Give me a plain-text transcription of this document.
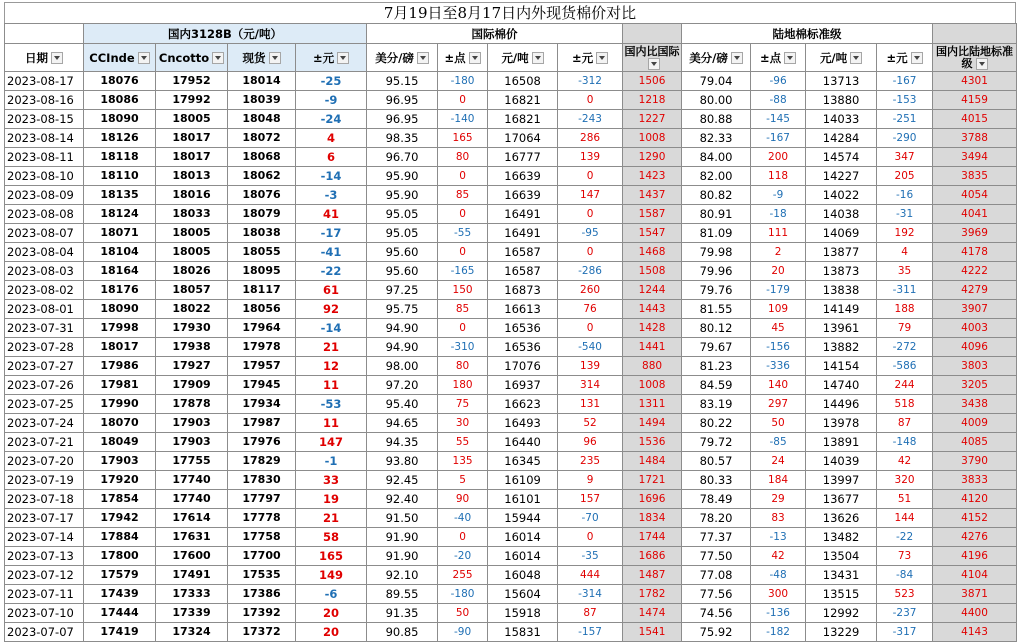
7月19日至8月17日内外现货棉价对比
	国内3128B（元/吨）				国际棉价					陆地棉标准级				
日期	CCInde	Cncotto	现货	±元	美分/磅	±点	元/吨	±元	国内比国际	美分/磅	±点	元/吨	±元	国内比陆地标准级
2023-08-17	18076	17952	18014	-25	95.15	-180	16508	-312	1506	79.04	-96	13713	-167	4301
2023-08-16	18086	17992	18039	-9	96.95	0	16821	0	1218	80.00	-88	13880	-153	4159
2023-08-15	18090	18005	18048	-24	96.95	-140	16821	-243	1227	80.88	-145	14033	-251	4015
2023-08-14	18126	18017	18072	4	98.35	165	17064	286	1008	82.33	-167	14284	-290	3788
2023-08-11	18118	18017	18068	6	96.70	80	16777	139	1290	84.00	200	14574	347	3494
2023-08-10	18110	18013	18062	-14	95.90	0	16639	0	1423	82.00	118	14227	205	3835
2023-08-09	18135	18016	18076	-3	95.90	85	16639	147	1437	80.82	-9	14022	-16	4054
2023-08-08	18124	18033	18079	41	95.05	0	16491	0	1587	80.91	-18	14038	-31	4041
2023-08-07	18071	18005	18038	-17	95.05	-55	16491	-95	1547	81.09	111	14069	192	3969
2023-08-04	18104	18005	18055	-41	95.60	0	16587	0	1468	79.98	2	13877	4	4178
2023-08-03	18164	18026	18095	-22	95.60	-165	16587	-286	1508	79.96	20	13873	35	4222
2023-08-02	18176	18057	18117	61	97.25	150	16873	260	1244	79.76	-179	13838	-311	4279
2023-08-01	18090	18022	18056	92	95.75	85	16613	76	1443	81.55	109	14149	188	3907
2023-07-31	17998	17930	17964	-14	94.90	0	16536	0	1428	80.12	45	13961	79	4003
2023-07-28	18017	17938	17978	21	94.90	-310	16536	-540	1441	79.67	-156	13882	-272	4096
2023-07-27	17986	17927	17957	12	98.00	80	17076	139	880	81.23	-336	14154	-586	3803
2023-07-26	17981	17909	17945	11	97.20	180	16937	314	1008	84.59	140	14740	244	3205
2023-07-25	17990	17878	17934	-53	95.40	75	16623	131	1311	83.19	297	14496	518	3438
2023-07-24	18070	17903	17987	11	94.65	30	16493	52	1494	80.22	50	13978	87	4009
2023-07-21	18049	17903	17976	147	94.35	55	16440	96	1536	79.72	-85	13891	-148	4085
2023-07-20	17903	17755	17829	-1	93.80	135	16345	235	1484	80.57	24	14039	42	3790
2023-07-19	17920	17740	17830	33	92.45	5	16109	9	1721	80.33	184	13997	320	3833
2023-07-18	17854	17740	17797	19	92.40	90	16101	157	1696	78.49	29	13677	51	4120
2023-07-17	17942	17614	17778	21	91.50	-40	15944	-70	1834	78.20	83	13626	144	4152
2023-07-14	17884	17631	17758	58	91.90	0	16014	0	1744	77.37	-13	13482	-22	4276
2023-07-13	17800	17600	17700	165	91.90	-20	16014	-35	1686	77.50	42	13504	73	4196
2023-07-12	17579	17491	17535	149	92.10	255	16048	444	1487	77.08	-48	13431	-84	4104
2023-07-11	17439	17333	17386	-6	89.55	-180	15604	-314	1782	77.56	300	13515	523	3871
2023-07-10	17444	17339	17392	20	91.35	50	15918	87	1474	74.56	-136	12992	-237	4400
2023-07-07	17419	17324	17372	20	90.85	-90	15831	-157	1541	75.92	-182	13229	-317	4143
